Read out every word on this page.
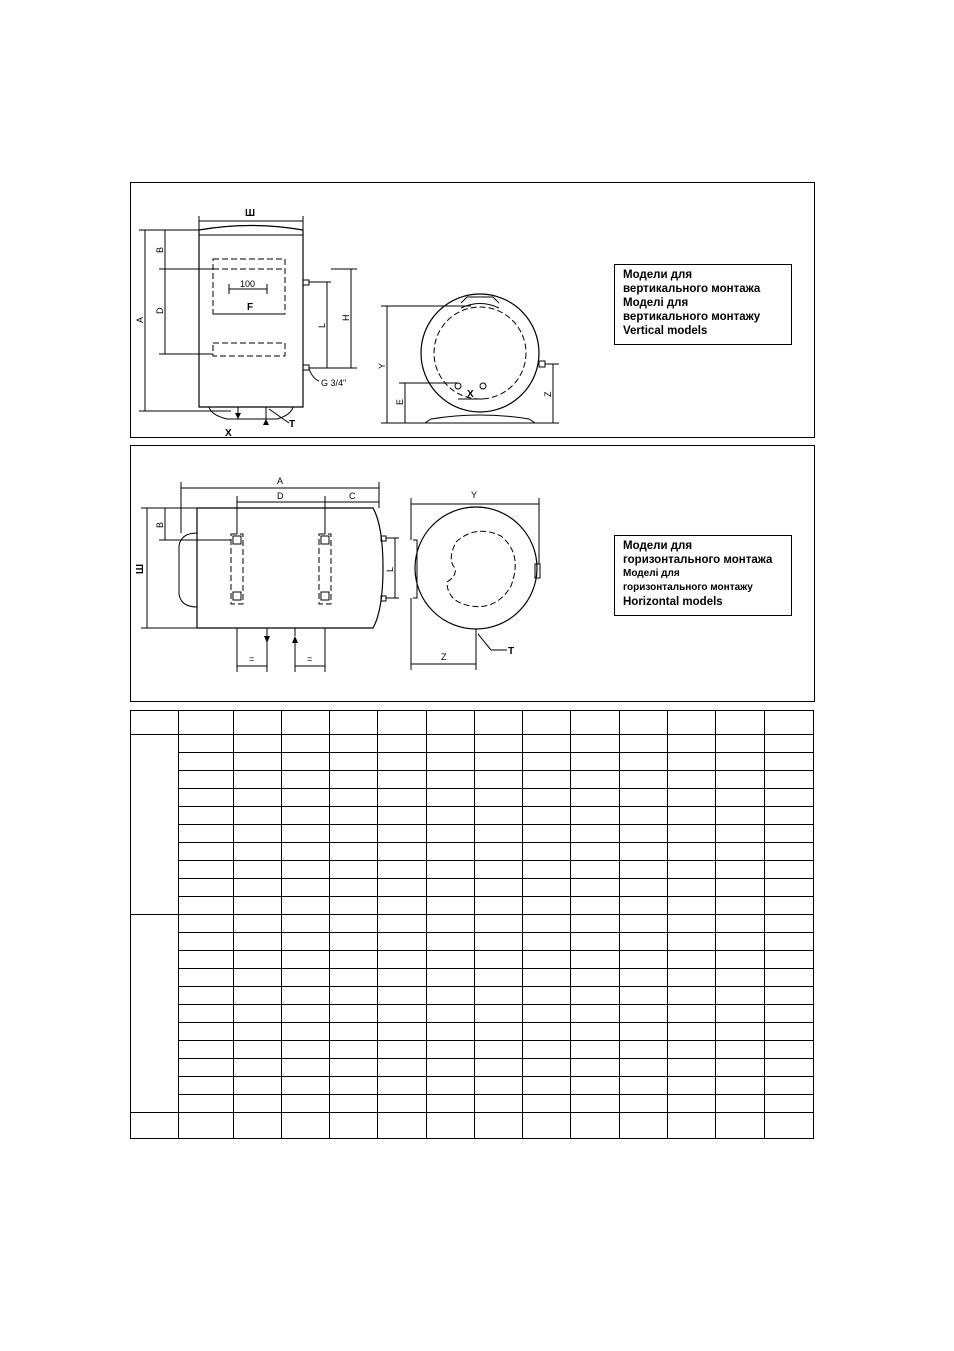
Ш
A
B
D
100
F
L
H
G 3/4"
T
X
Y
E
X	Z
Модели для
вертикального монтажа
Моделі для
вертикального монтажу
Vertical models
A
D	C
B
Ш	L
=	=
Y
Z	T
Модели для
горизонтального монтажа
Моделі для
горизонтального монтажу
Horizontal models
